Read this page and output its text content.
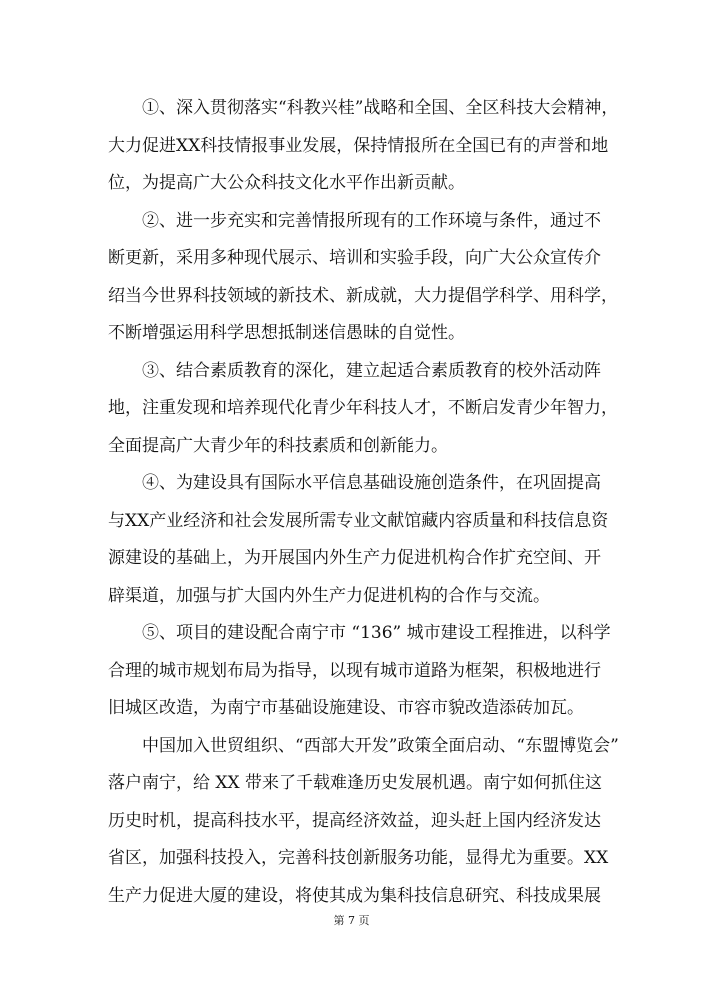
①、深入贯彻落实“科教兴桂”战略和全国、全区科技大会精神，
大力促进XX科技情报事业发展，保持情报所在全国已有的声誉和地
位，为提高广大公众科技文化水平作出新贡献。

②、进一步充实和完善情报所现有的工作环境与条件，通过不
断更新，采用多种现代展示、培训和实验手段，向广大公众宣传介
绍当今世界科技领域的新技术、新成就，大力提倡学科学、用科学，
不断增强运用科学思想抵制迷信愚昧的自觉性。

③、结合素质教育的深化，建立起适合素质教育的校外活动阵
地，注重发现和培养现代化青少年科技人才，不断启发青少年智力，
全面提高广大青少年的科技素质和创新能力。

④、为建设具有国际水平信息基础设施创造条件，在巩固提高
与XX产业经济和社会发展所需专业文献馆藏内容质量和科技信息资
源建设的基础上，为开展国内外生产力促进机构合作扩充空间、开
辟渠道，加强与扩大国内外生产力促进机构的合作与交流。

⑤、项目的建设配合南宁市 “136” 城市建设工程推进，以科学
合理的城市规划布局为指导，以现有城市道路为框架，积极地进行
旧城区改造，为南宁市基础设施建设、市容市貌改造添砖加瓦。

中国加入世贸组织、“西部大开发”政策全面启动、“东盟博览会”
落户南宁，给 XX 带来了千载难逢历史发展机遇。南宁如何抓住这
历史时机，提高科技水平，提高经济效益，迎头赶上国内经济发达
省区，加强科技投入，完善科技创新服务功能，显得尤为重要。XX
生产力促进大厦的建设，将使其成为集科技信息研究、科技成果展

第 7 页
